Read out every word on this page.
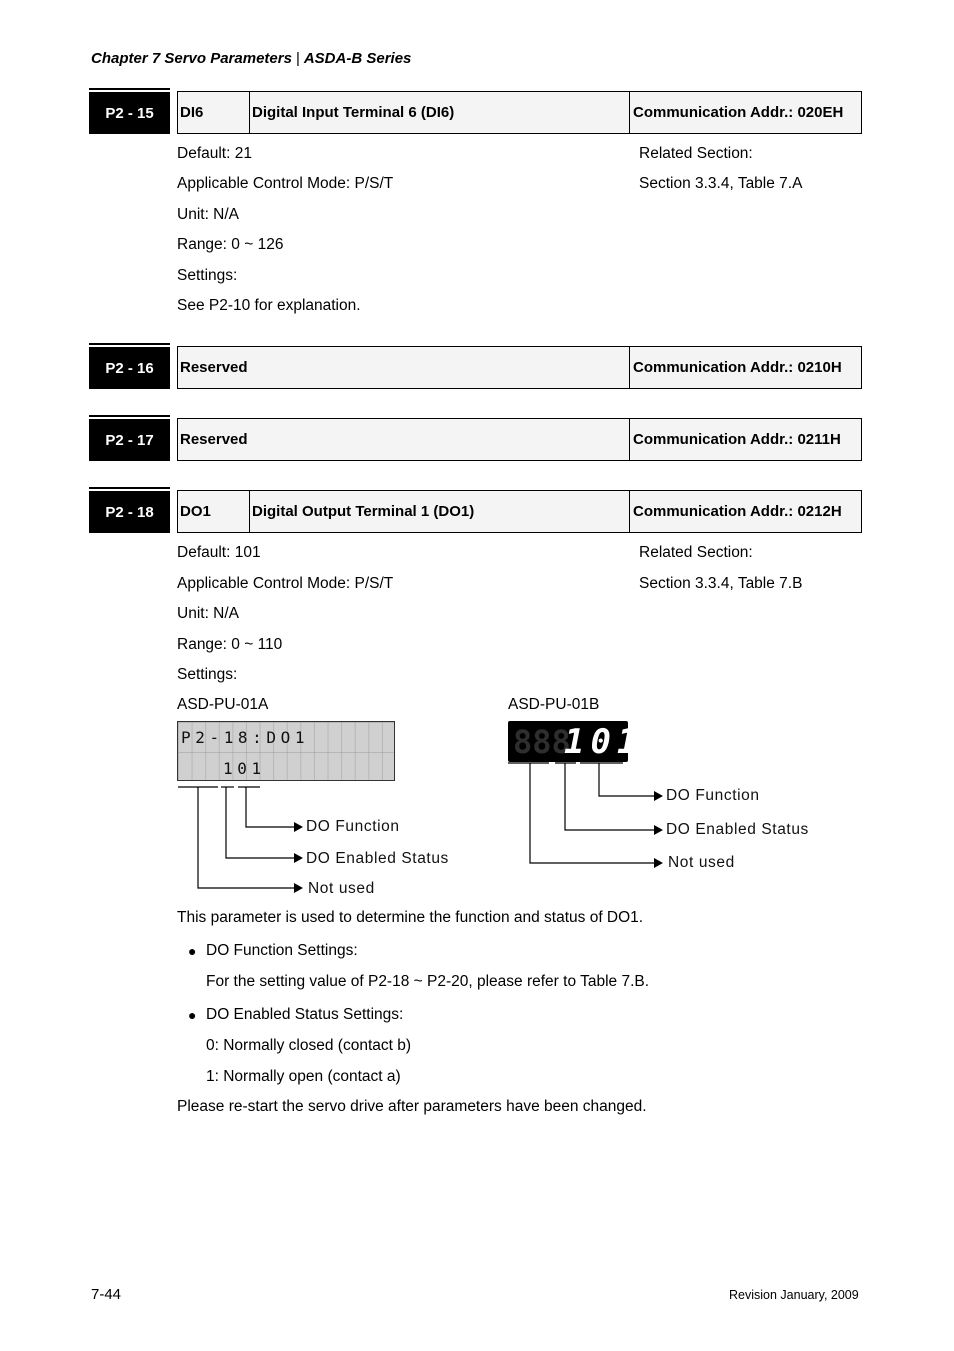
Chapter 7 Servo Parameters | ASDA-B Series
P2 - 15	DI6	Digital Input Terminal 6 (DI6)	Communication Addr.: 020EH
Default: 21	Related Section:
Applicable Control Mode: P/S/T	Section 3.3.4, Table 7.A
Unit: N/A
Range: 0 ~ 126
Settings:
See P2-10 for explanation.
P2 - 16	Reserved	Communication Addr.: 0210H
P2 - 17	Reserved	Communication Addr.: 0211H
P2 - 18	DO1	Digital Output Terminal 1 (DO1)	Communication Addr.: 0212H
Default: 101	Related Section:
Applicable Control Mode: P/S/T	Section 3.3.4, Table 7.B
Unit: N/A
Range: 0 ~ 110
Settings:
ASD-PU-01A	ASD-PU-01B
P2-18:DO1
101
888
101
DO Function
DO Enabled Status
Not used
DO Function
DO Enabled Status
Not used
This parameter is used to determine the function and status of DO1.
● DO Function Settings:
For the setting value of P2-18 ~ P2-20, please refer to Table 7.B.
● DO Enabled Status Settings:
0: Normally closed (contact b)
1: Normally open (contact a)
Please re-start the servo drive after parameters have been changed.
7-44	Revision January, 2009
